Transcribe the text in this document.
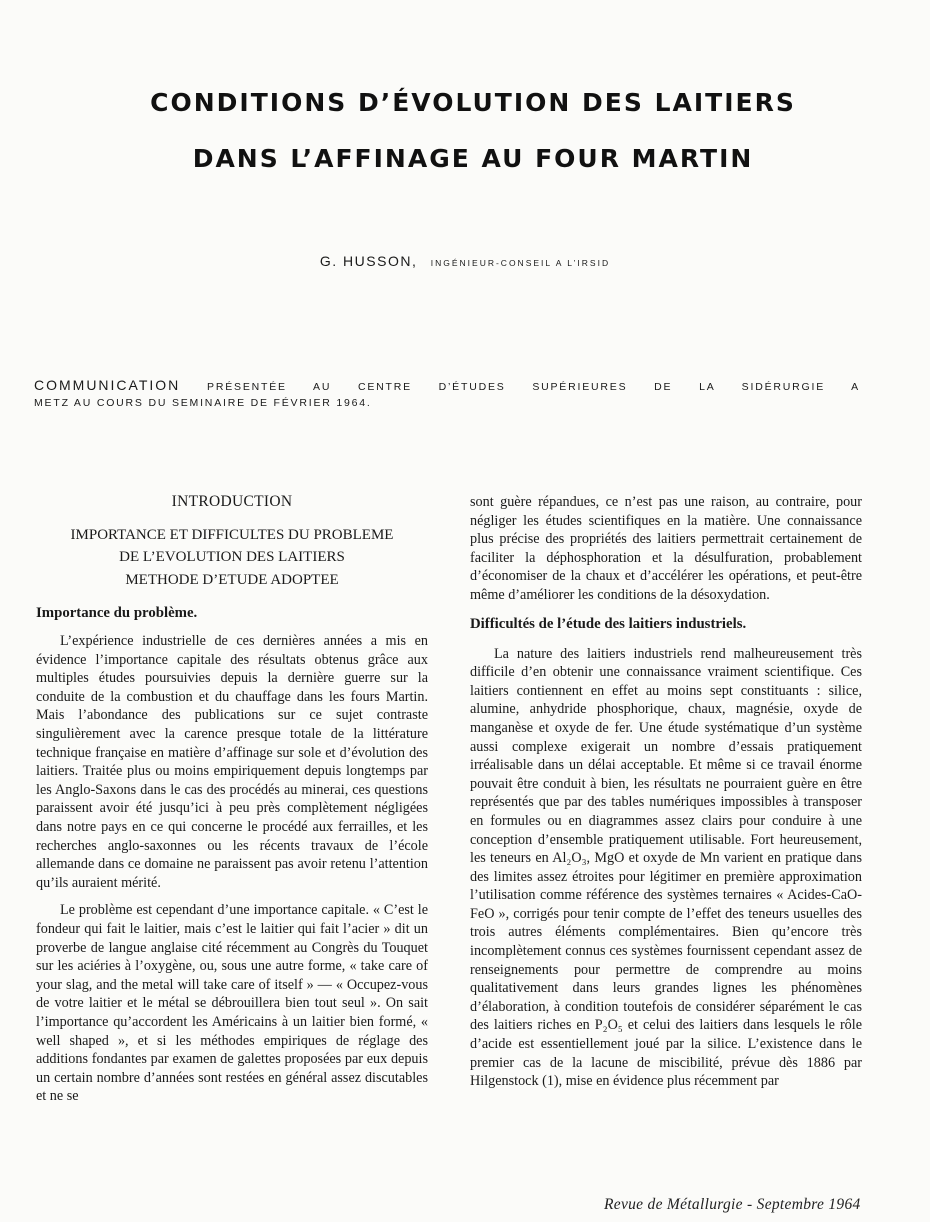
CONDITIONS D’ÉVOLUTION DES LAITIERS
DANS L’AFFINAGE AU FOUR MARTIN
G. HUSSON, INGÉNIEUR-CONSEIL A L’IRSID
COMMUNICATION	PRÉSENTÉE AU CENTRE D’ÉTUDES SUPÉRIEURES DE LA SIDÉRURGIE A
METZ AU COURS DU SEMINAIRE DE FÉVRIER 1964.
INTRODUCTION
IMPORTANCE ET DIFFICULTES DU PROBLEME
DE L’EVOLUTION DES LAITIERS
METHODE D’ETUDE ADOPTEE
Importance du problème.

L’expérience industrielle de ces dernières années a mis en évidence l’importance capitale des résultats obtenus grâce aux multiples études poursuivies depuis la dernière guerre sur la conduite de la combustion et du chauffage dans les fours Martin. Mais l’abondance des publications sur ce sujet contraste singulièrement avec la carence presque totale de la littérature technique française en matière d’affinage sur sole et d’évolution des laitiers. Traitée plus ou moins empiriquement depuis longtemps par les Anglo-Saxons dans le cas des procédés au minerai, ces questions paraissent avoir été jusqu’ici à peu près complètement négligées dans notre pays en ce qui concerne le procédé aux ferrailles, et les recherches anglo-saxonnes ou les récents travaux de l’école allemande dans ce domaine ne paraissent pas avoir retenu l’attention qu’ils auraient mérité.

Le problème est cependant d’une importance capitale. « C’est le fondeur qui fait le laitier, mais c’est le laitier qui fait l’acier » dit un proverbe de langue anglaise cité récemment au Congrès du Touquet sur les aciéries à l’oxygène, ou, sous une autre forme, « take care of your slag, and the metal will take care of itself » — « Occupez-vous de votre laitier et le métal se débrouillera bien tout seul ». On sait l’importance qu’accordent les Américains à un laitier bien formé, « well shaped », et si les méthodes empiriques de réglage des additions fondantes par examen de galettes proposées par eux depuis un certain nombre d’années sont restées en général assez discutables et ne se

sont guère répandues, ce n’est pas une raison, au contraire, pour négliger les études scientifiques en la matière. Une connaissance plus précise des propriétés des laitiers permettrait certainement de faciliter la déphosphoration et la désulfuration, probablement d’économiser de la chaux et d’accélérer les opérations, et peut-être même d’améliorer les conditions de la désoxydation.

Difficultés de l’étude des laitiers industriels.

La nature des laitiers industriels rend malheureusement très difficile d’en obtenir une connaissance vraiment scientifique. Ces laitiers contiennent en effet au moins sept constituants : silice, alumine, anhydride phosphorique, chaux, magnésie, oxyde de manganèse et oxyde de fer. Une étude systématique d’un système aussi complexe exigerait un nombre d’essais pratiquement irréalisable dans un délai acceptable. Et même si ce travail énorme pouvait être conduit à bien, les résultats ne pourraient guère en être représentés que par des tables numériques impossibles à transposer en formules ou en diagrammes assez clairs pour conduire à une conception d’ensemble pratiquement utilisable. Fort heureusement, les teneurs en Al₂O₃, MgO et oxyde de Mn varient en pratique dans des limites assez étroites pour légitimer en première approximation l’utilisation comme référence des systèmes ternaires « Acides-CaO-FeO », corrigés pour tenir compte de l’effet des teneurs usuelles des trois autres éléments complémentaires. Bien qu’encore très incomplètement connus ces systèmes fournissent cependant assez de renseignements pour permettre de comprendre au moins qualitativement dans leurs grandes lignes les phénomènes d’élaboration, à condition toutefois de considérer séparément le cas des laitiers riches en P₂O₅ et celui des laitiers dans lesquels le rôle d’acide est essentiellement joué par la silice. L’existence dans le premier cas de la lacune de miscibilité, prévue dès 1886 par Hilgenstock (1), mise en évidence plus récemment par

Revue de Métallurgie - Septembre 1964
